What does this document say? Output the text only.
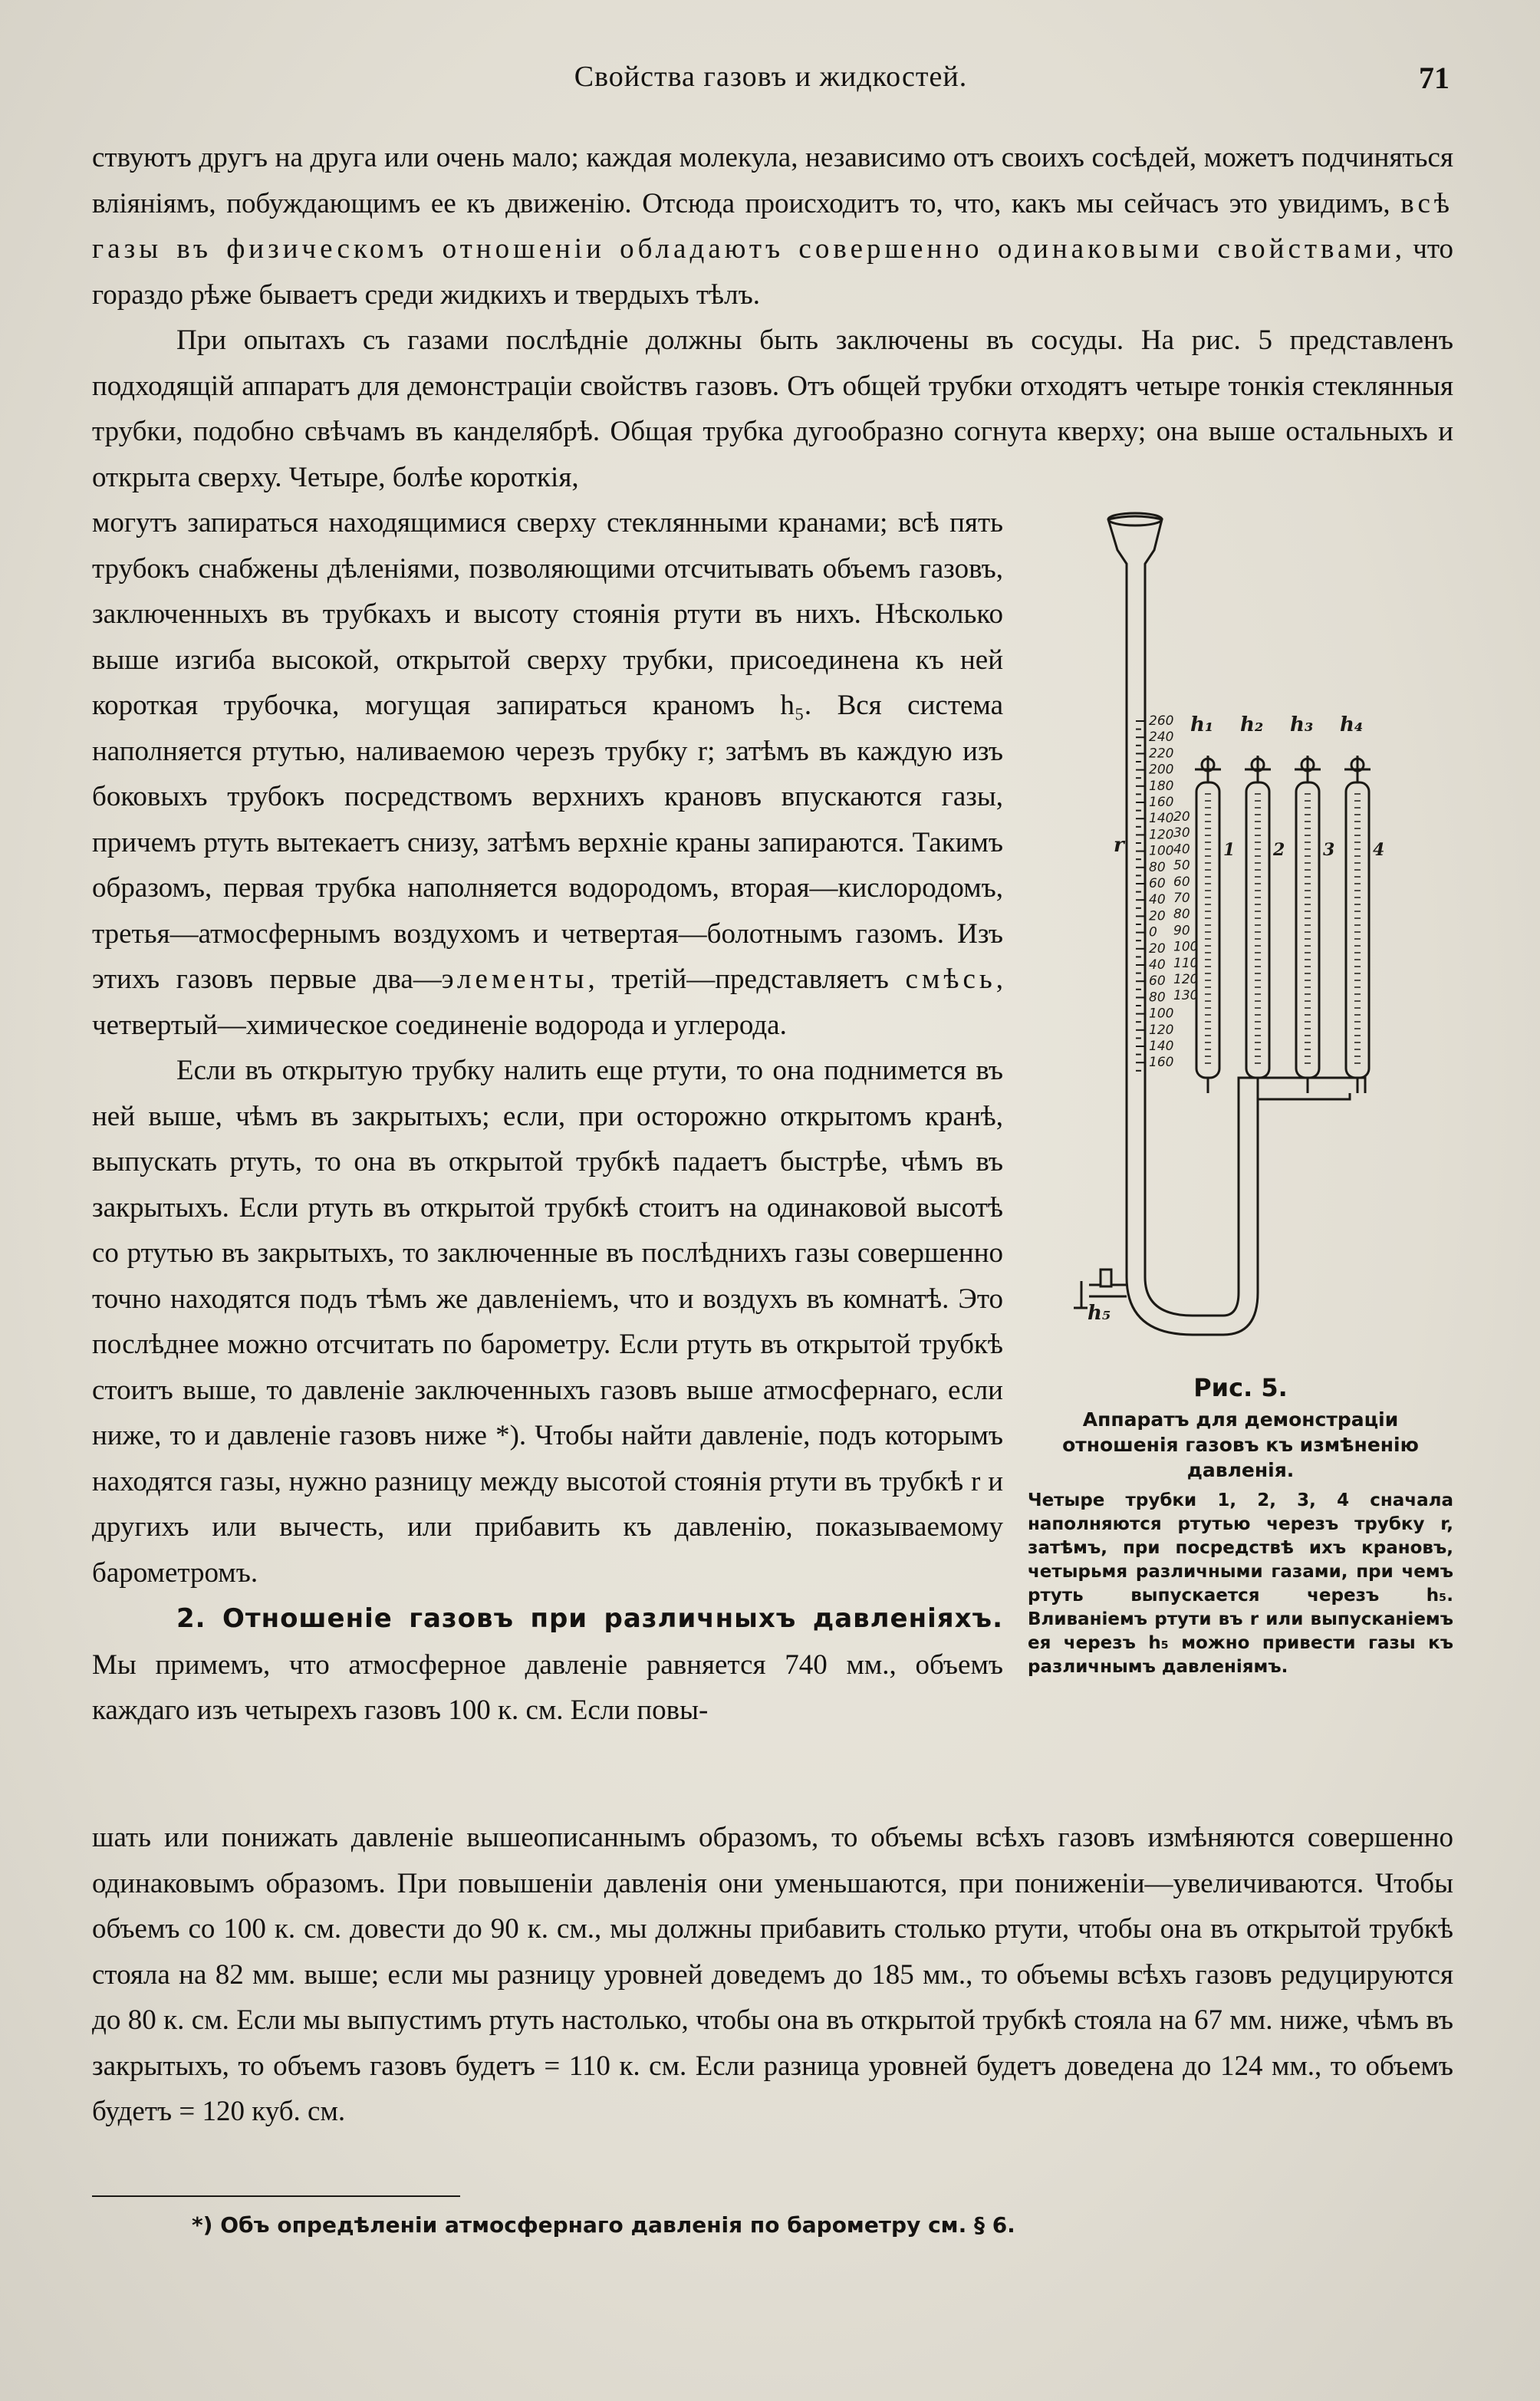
Свойства газовъ и жидкостей.	71

ствуютъ другъ на друга или очень мало; каждая молекула, независимо отъ своихъ сосѣдей, можетъ подчиняться вліяніямъ, побуждающимъ ее къ движенію. Отсюда происходитъ то, что, какъ мы сейчасъ это увидимъ, всѣ газы въ физическомъ отношеніи обладаютъ совершенно одинаковыми свойствами, что гораздо рѣже бываетъ среди жидкихъ и твердыхъ тѣлъ.

При опытахъ съ газами послѣдніе должны быть заключены въ сосуды. На рис. 5 представленъ подходящій аппаратъ для демонстраціи свойствъ газовъ. Отъ общей трубки отходятъ четыре тонкія стеклянныя трубки, подобно свѣчамъ въ канделябрѣ. Общая трубка дугообразно согнута кверху; она выше остальныхъ и открыта сверху. Четыре, болѣе короткія,

могутъ запираться находящимися сверху стеклянными кранами; всѣ пять трубокъ снабжены дѣленіями, позволяющими отсчитывать объемъ газовъ, заключенныхъ въ трубкахъ и высоту стоянія ртути въ нихъ. Нѣсколько выше изгиба высокой, открытой сверху трубки, присоединена къ ней короткая трубочка, могущая запираться краномъ h₅. Вся система наполняется ртутью, наливаемою черезъ трубку r; затѣмъ въ каждую изъ боковыхъ трубокъ посредствомъ верхнихъ крановъ впускаются газы, причемъ ртуть вытекаетъ снизу, затѣмъ верхніе краны запираются. Такимъ образомъ, первая трубка наполняется водородомъ, вторая—кислородомъ, третья—атмосфернымъ воздухомъ и четвертая—болотнымъ газомъ. Изъ этихъ газовъ первые два—элементы, третій—представляетъ смѣсь, четвертый—химическое соединеніе водорода и углерода.

Если въ открытую трубку налить еще ртути, то она поднимется въ ней выше, чѣмъ въ закрытыхъ; если, при осторожно открытомъ кранѣ, выпускать ртуть, то она въ открытой трубкѣ падаетъ быстрѣе, чѣмъ въ закрытыхъ. Если ртуть въ открытой трубкѣ стоитъ на одинаковой высотѣ со ртутью въ закрытыхъ, то заключенные въ послѣднихъ газы совершенно точно находятся подъ тѣмъ же давленіемъ, что и воздухъ въ комнатѣ. Это послѣднее можно отсчитать по барометру. Если ртуть въ открытой трубкѣ стоитъ выше, то давленіе заключенныхъ газовъ выше атмосфернаго, если ниже, то и давленіе газовъ ниже *). Чтобы найти давленіе, подъ которымъ находятся газы, нужно разницу между высотой стоянія ртути въ трубкѣ r и другихъ или вычесть, или прибавить къ давленію, показываемому барометромъ.

2. Отношеніе газовъ при различныхъ давленіяхъ. Мы примемъ, что атмосферное давленіе равняется 740 мм., объемъ каждаго изъ четырехъ газовъ 100 к. см. Если повы-

шать или понижать давленіе вышеописаннымъ образомъ, то объемы всѣхъ газовъ измѣняются совершенно одинаковымъ образомъ. При повышеніи давленія они уменьшаются, при пониженіи—увеличиваются. Чтобы объемъ со 100 к. см. довести до 90 к. см., мы должны прибавить столько ртути, чтобы она въ открытой трубкѣ стояла на 82 мм. выше; если мы разницу уровней доведемъ до 185 мм., то объемы всѣхъ газовъ редуцируются до 80 к. см. Если мы выпустимъ ртуть настолько, чтобы она въ открытой трубкѣ стояла на 67 мм. ниже, чѣмъ въ закрытыхъ, то объемъ газовъ будетъ = 110 к. см. Если разница уровней будетъ доведена до 124 мм., то объемъ будетъ = 120 куб. см.

260
240
220
200
180
160
140
120
100
80
60
40
20
0
20
40
60
80
100
120
140
160
20
30
40
50
60
70
80
90
100
110
120
130
h₁ h₂ h₃ h₄
1 2 3 4
r
h₅
Рис. 5.
Аппаратъ для демонстраціи отношенія газовъ къ измѣненію давленія.
Четыре трубки 1, 2, 3, 4 сначала наполняются ртутью черезъ трубку r, затѣмъ, при посредствѣ ихъ крановъ, четырьмя различными газами, при чемъ ртуть выпускается черезъ h₅. Вливаніемъ ртути въ r или выпусканіемъ ея черезъ h₅ можно привести газы къ различнымъ давленіямъ.
*) Объ опредѣленіи атмосфернаго давленія по барометру см. § 6.
